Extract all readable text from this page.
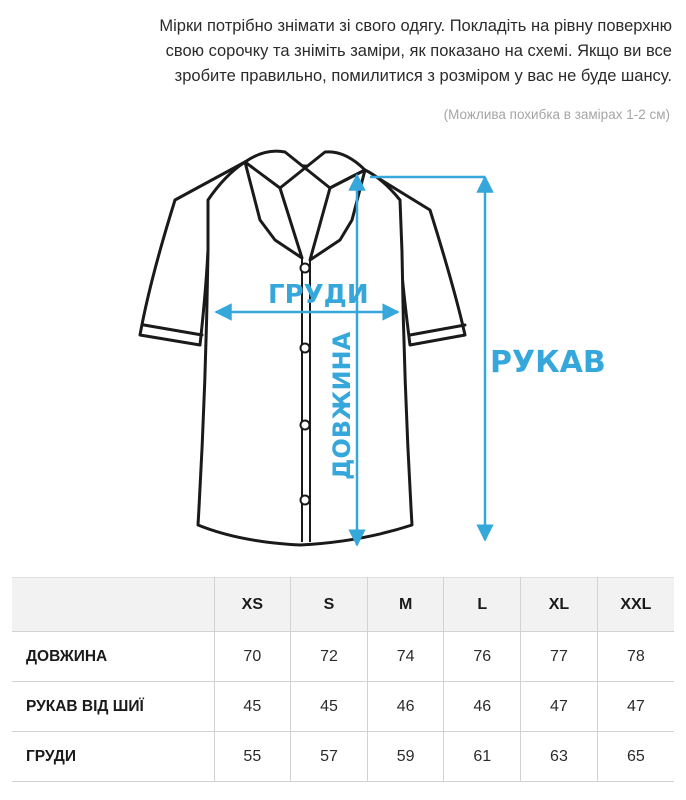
Мірки потрібно знімати зі свого одягу. Покладіть на рівну поверхню

свою сорочку та зніміть заміри, як показано на схемі. Якщо ви все

зробите правильно, помилитися з розміром у вас не буде шансу.

(Можлива похибка в замірах 1-2 см)
ГРУДИ
ДОВЖИНА	РУКАВ
	XS	S	M	L	XL	XXL
ДОВЖИНА	70	72	74	76	77	78
РУКАВ ВІД ШИЇ	45	45	46	46	47	47
ГРУДИ	55	57	59	61	63	65
